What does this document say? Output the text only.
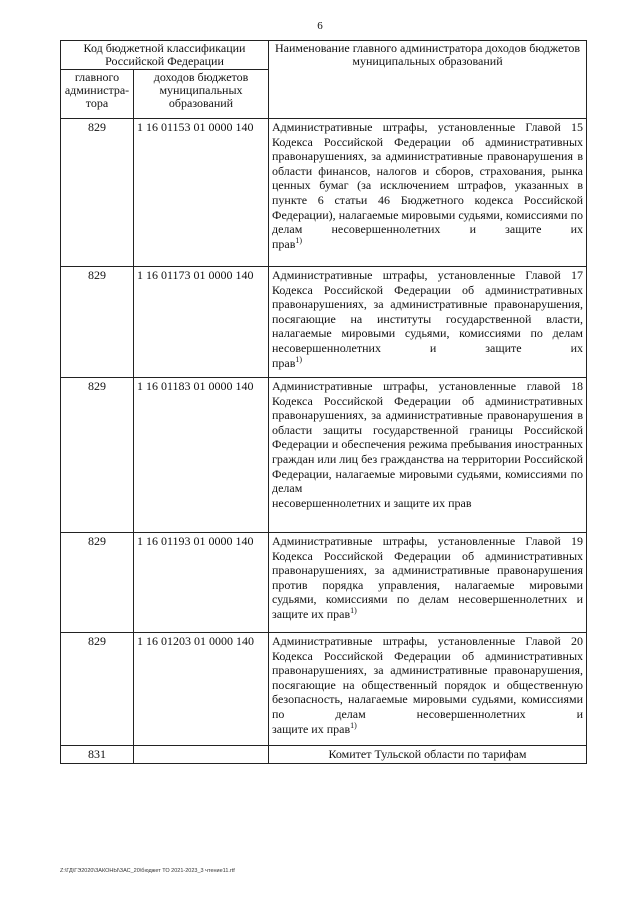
6
Код бюджетной классификации Российской Федерации		Наименование главного администратора доходов бюджетов муниципальных образований
главного администра-тора	доходов бюджетов муниципальных образований	
829	1 16 01153 01 0000 140	Административные штрафы, установленные Главой 15 Кодекса Российской Федерации об административных правонарушениях, за административные правонарушения в области финансов, налогов и сборов, страхования, рынка ценных бумаг (за исключением штрафов, указанных в пункте 6 статьи 46 Бюджетного кодекса Российской Федерации), налагаемые мировыми судьями, комиссиями по делам несовершеннолетних и защите их
прав$^{1)}$

829	1 16 01173 01 0000 140	Административные штрафы, установленные Главой 17 Кодекса Российской Федерации об административных правонарушениях, за административные правонарушения, посягающие на институты государственной власти, налагаемые мировыми судьями, комиссиями по делам несовершеннолетних и защите их
прав$^{1)}$

829	1 16 01183 01 0000 140	Административные штрафы, установленные главой 18 Кодекса Российской Федерации об административных правонарушениях, за административные правонарушения в области защиты государственной границы Российской Федерации и обеспечения режима пребывания иностранных граждан или лиц без гражданства на территории Российской Федерации, налагаемые мировыми судьями, комиссиями по делам
несовершеннолетних и защите их прав

829	1 16 01193 01 0000 140	Административные штрафы, установленные Главой 19 Кодекса Российской Федерации об административных правонарушениях, за административные правонарушения против порядка управления, налагаемые мировыми судьями, комиссиями по делам несовершеннолетних и
защите их прав$^{1)}$

829	1 16 01203 01 0000 140	Административные штрафы, установленные Главой 20 Кодекса Российской Федерации об административных правонарушениях, за административные правонарушения, посягающие на общественный порядок и общественную безопасность, налагаемые мировыми судьями, комиссиями по делам несовершеннолетних и
защите их прав$^{1)}$

831		Комитет Тульской области по тарифам
Z:\ГД\ГЭ2020\ЗАКОНЫ\ЗАС_20\бюджет ТО 2021-2023_3 чтение11.rtf
